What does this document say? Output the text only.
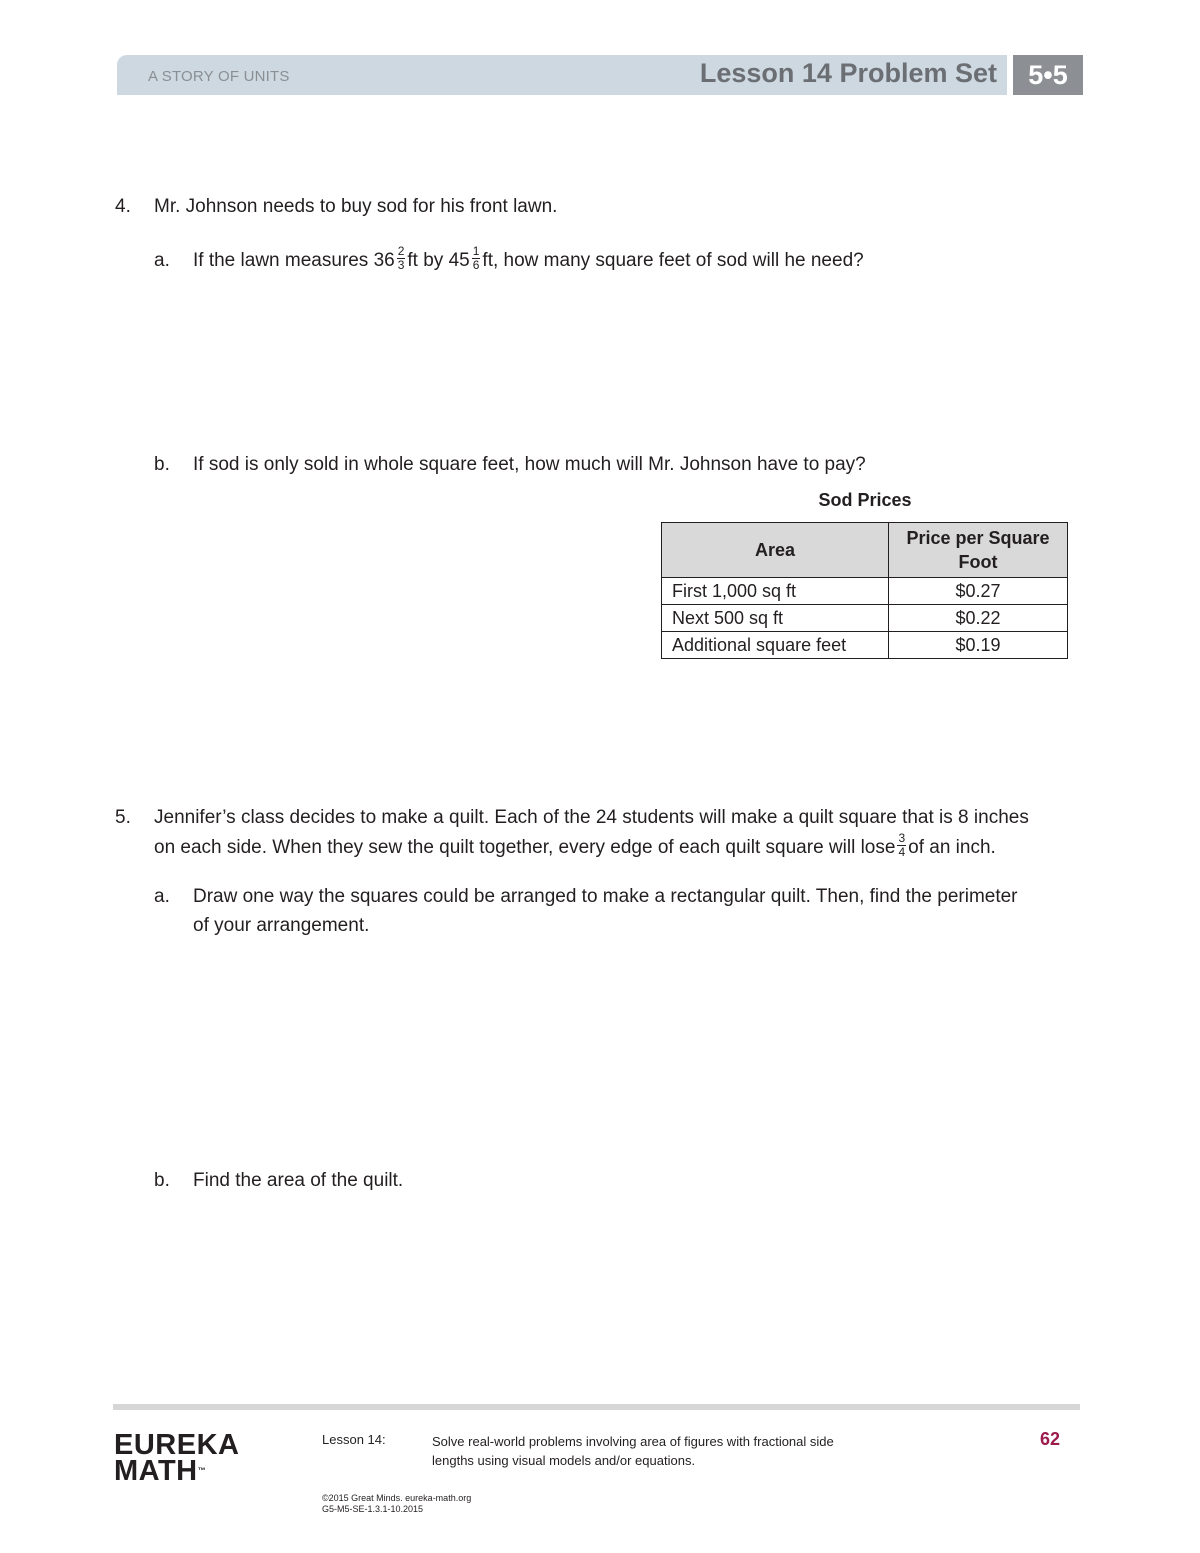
A STORY OF UNITS	Lesson 14 Problem Set	5•5
4. Mr. Johnson needs to buy sod for his front lawn.
a. If the lawn measures $36 \frac{2}{3}$ ft by $45 \frac{1}{6}$ ft, how many square feet of sod will he need?
b. If sod is only sold in whole square feet, how much will Mr. Johnson have to pay?
Sod Prices
Area	Price per Square Foot
First 1,000 sq ft	$0.27
Next 500 sq ft	$0.22
Additional square feet	$0.19
5. Jennifer’s class decides to make a quilt. Each of the 24 students will make a quilt square that is 8 inches
on each side. When they sew the quilt together, every edge of each quilt square will lose $\frac{3}{4}$ of an inch.
a. Draw one way the squares could be arranged to make a rectangular quilt. Then, find the perimeter
of your arrangement.
b. Find the area of the quilt.
EUREKA
MATH™
Lesson 14:	Solve real-world problems involving area of figures with fractional side
lengths using visual models and/or equations.
62
©2015 Great Minds. eureka-math.org
G5-M5-SE-1.3.1-10.2015
